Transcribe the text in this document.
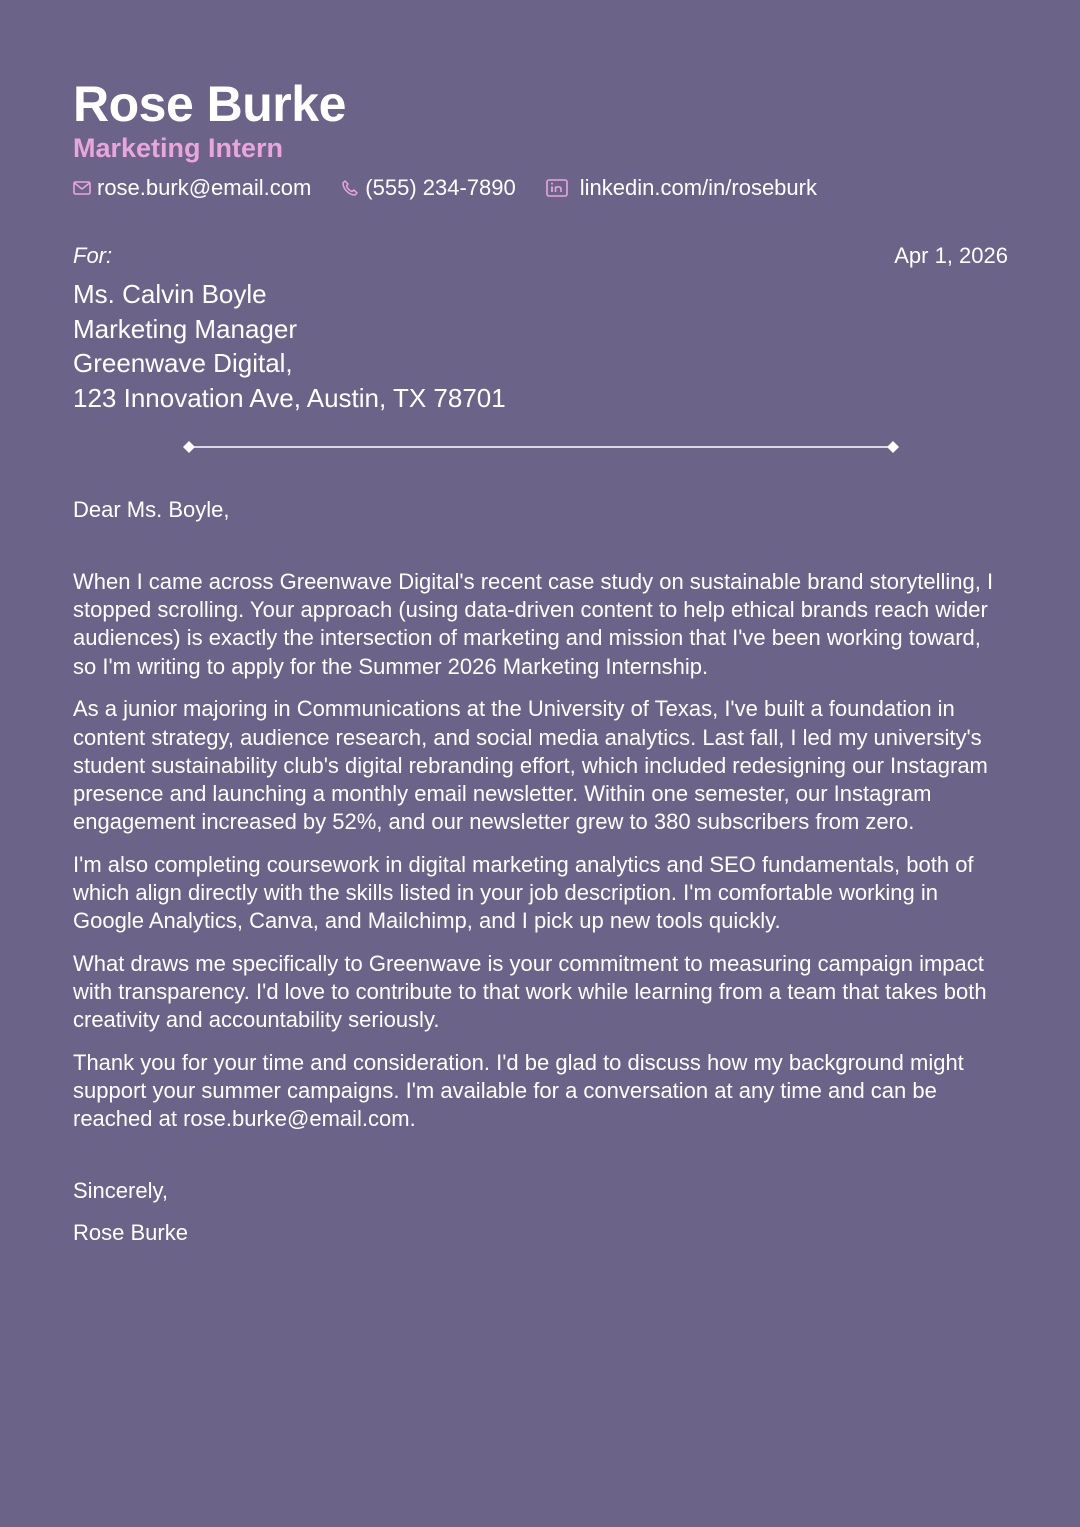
Rose Burke
Marketing Intern
rose.burk@email.com (555) 234-7890	linkedin.com/in/roseburk
For:	Apr 1, 2026
Ms. Calvin Boyle
Marketing Manager
Greenwave Digital,
123 Innovation Ave, Austin, TX 78701
Dear Ms. Boyle,

When I came across Greenwave Digital's recent case study on sustainable brand storytelling, I stopped scrolling. Your approach (using data-driven content to help ethical brands reach wider audiences) is exactly the intersection of marketing and mission that I've been working toward, so I'm writing to apply for the Summer 2026 Marketing Internship.

As a junior majoring in Communications at the University of Texas, I've built a foundation in content strategy, audience research, and social media analytics. Last fall, I led my university's student sustainability club's digital rebranding effort, which included redesigning our Instagram presence and launching a monthly email newsletter. Within one semester, our Instagram engagement increased by 52%, and our newsletter grew to 380 subscribers from zero.

I'm also completing coursework in digital marketing analytics and SEO fundamentals, both of which align directly with the skills listed in your job description. I'm comfortable working in Google Analytics, Canva, and Mailchimp, and I pick up new tools quickly.

What draws me specifically to Greenwave is your commitment to measuring campaign impact with transparency. I'd love to contribute to that work while learning from a team that takes both creativity and accountability seriously.

Thank you for your time and consideration. I'd be glad to discuss how my background might support your summer campaigns. I'm available for a conversation at any time and can be reached at rose.burke@email.com.

Sincerely,
Rose Burke
